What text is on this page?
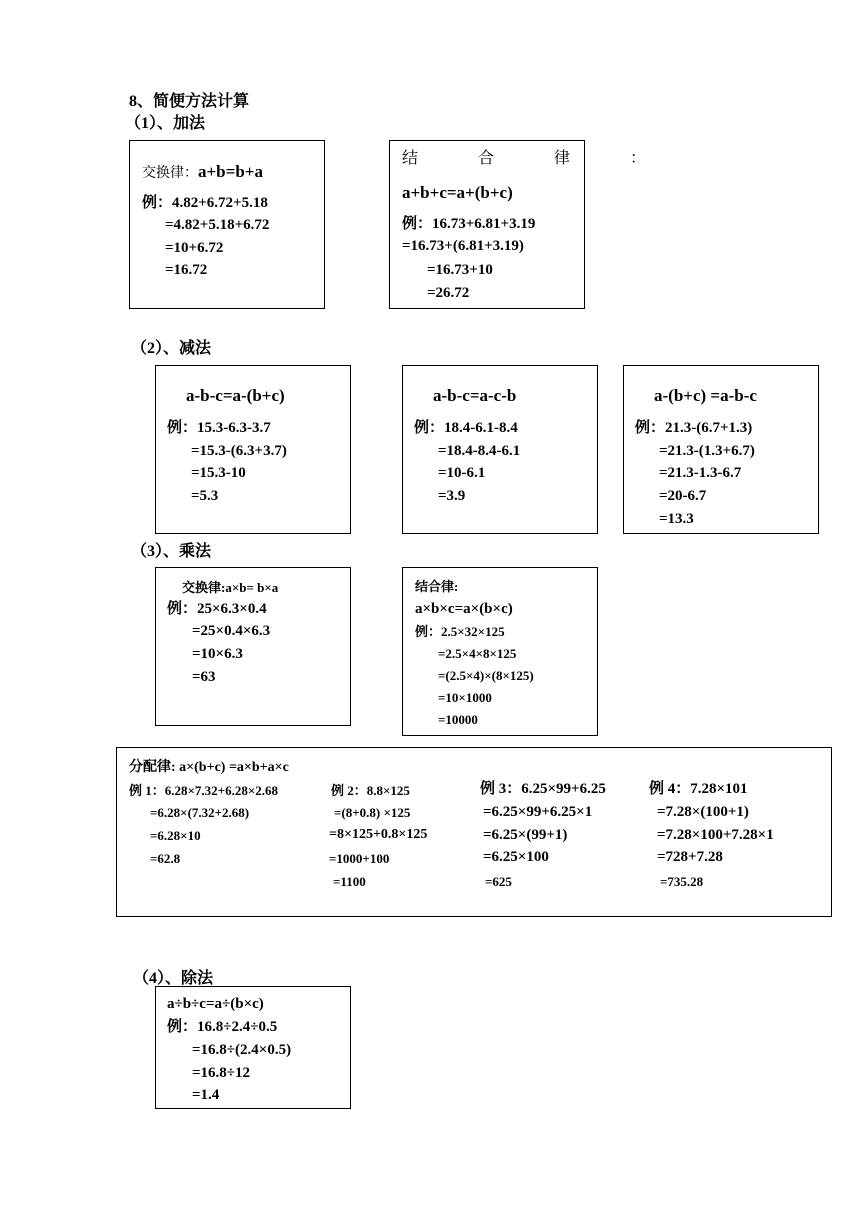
8、简便方法计算
（1）、加法
交换律：a+b=b+a
例：4.82+6.72+5.18
=4.82+5.18+6.72
=10+6.72
=16.72
结 合 律 ：
a+b+c=a+(b+c)
例：16.73+6.81+3.19
=16.73+(6.81+3.19)
=16.73+10
=26.72
（2）、减法
a-b-c=a-(b+c)
例：15.3-6.3-3.7
=15.3-(6.3+3.7)
=15.3-10
=5.3
a-b-c=a-c-b
例：18.4-6.1-8.4
=18.4-8.4-6.1
=10-6.1
=3.9
a-(b+c) =a-b-c
例：21.3-(6.7+1.3)
=21.3-(1.3+6.7)
=21.3-1.3-6.7
=20-6.7
=13.3
（3）、乘法
交换律:a×b= b×a
例：25×6.3×0.4
=25×0.4×6.3
=10×6.3
=63
结合律:
a×b×c=a×(b×c)
例：2.5×32×125
=2.5×4×8×125
=(2.5×4)×(8×125)
=10×1000
=10000
分配律: a×(b+c) =a×b+a×c
例 1：6.28×7.32+6.28×2.68
=6.28×(7.32+2.68)
=6.28×10
=62.8
例 2：8.8×125
=(8+0.8) ×125
=8×125+0.8×125
=1000+100
=1100
例 3：6.25×99+6.25
=6.25×99+6.25×1
=6.25×(99+1)
=6.25×100
=625
例 4：7.28×101
=7.28×(100+1)
=7.28×100+7.28×1
=728+7.28
=735.28
（4）、除法
a÷b÷c=a÷(b×c)
例：16.8÷2.4÷0.5
=16.8÷(2.4×0.5)
=16.8÷12
=1.4
